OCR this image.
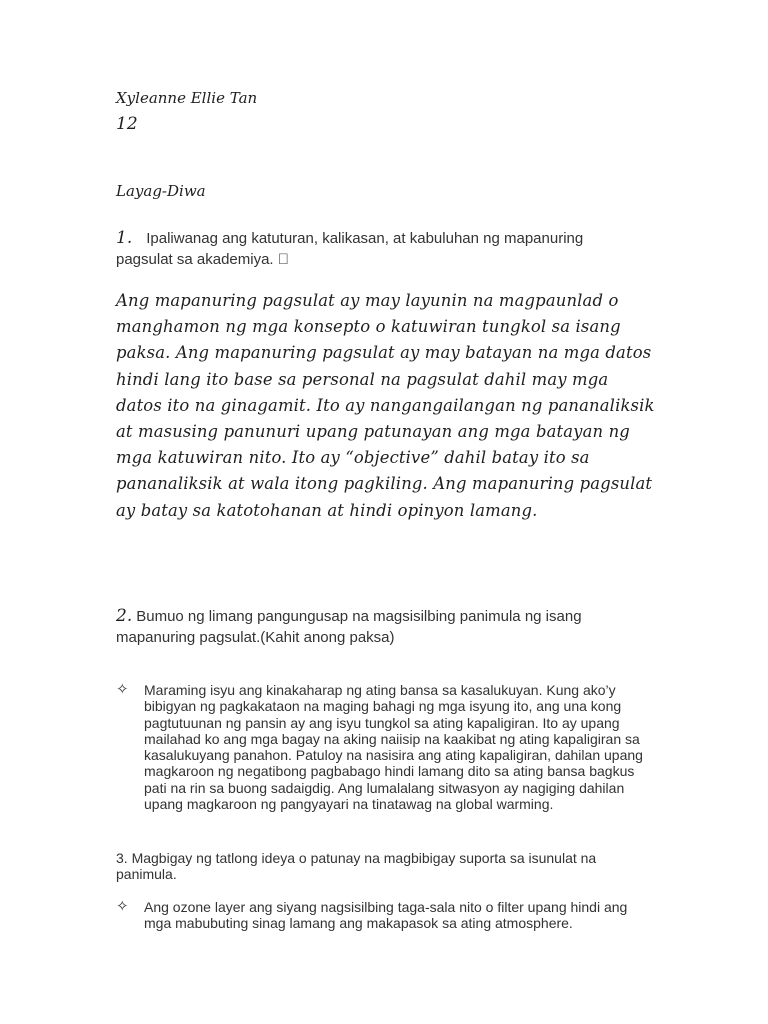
Xyleanne Ellie Tan
12
Layag-Diwa
1. Ipaliwanag ang katuturan, kalikasan, at kabuluhan ng mapanuring pagsulat sa akademiya.  
Ang mapanuring pagsulat ay may layunin na magpaunlad o manghamon ng mga konsepto o katuwiran tungkol sa isang paksa. Ang mapanuring pagsulat ay may batayan na mga datos hindi lang ito base sa personal na pagsulat dahil may mga datos ito na ginagamit. Ito ay nangangailangan ng pananaliksik at masusing panunuri upang patunayan ang mga batayan ng mga katuwiran nito. Ito ay “objective” dahil batay ito sa pananaliksik at wala itong pagkiling. Ang mapanuring pagsulat ay batay sa katotohanan at hindi opinyon lamang.
2. Bumuo ng limang pangungusap na magsisilbing panimula ng isang mapanuring pagsulat.(Kahit anong paksa)
✧ Maraming isyu ang kinakaharap ng ating bansa sa kasalukuyan. Kung ako’y bibigyan ng pagkakataon na maging bahagi ng mga isyung ito, ang una kong pagtutuunan ng pansin ay ang isyu tungkol sa ating kapaligiran. Ito ay upang mailahad ko ang mga bagay na aking naiisip na kaakibat ng ating kapaligiran sa kasalukuyang panahon. Patuloy na nasisira ang ating kapaligiran, dahilan upang magkaroon ng negatibong pagbabago hindi lamang dito sa ating bansa bagkus pati na rin sa buong sadaigdig. Ang lumalalang sitwasyon ay nagiging dahilan upang magkaroon ng pangyayari na tinatawag na global warming.
3. Magbigay ng tatlong ideya o patunay na magbibigay suporta sa isunulat na panimula.
✧ Ang ozone layer ang siyang nagsisilbing taga-sala nito o filter upang hindi ang mga mabubuting sinag lamang ang makapasok sa ating atmosphere.
